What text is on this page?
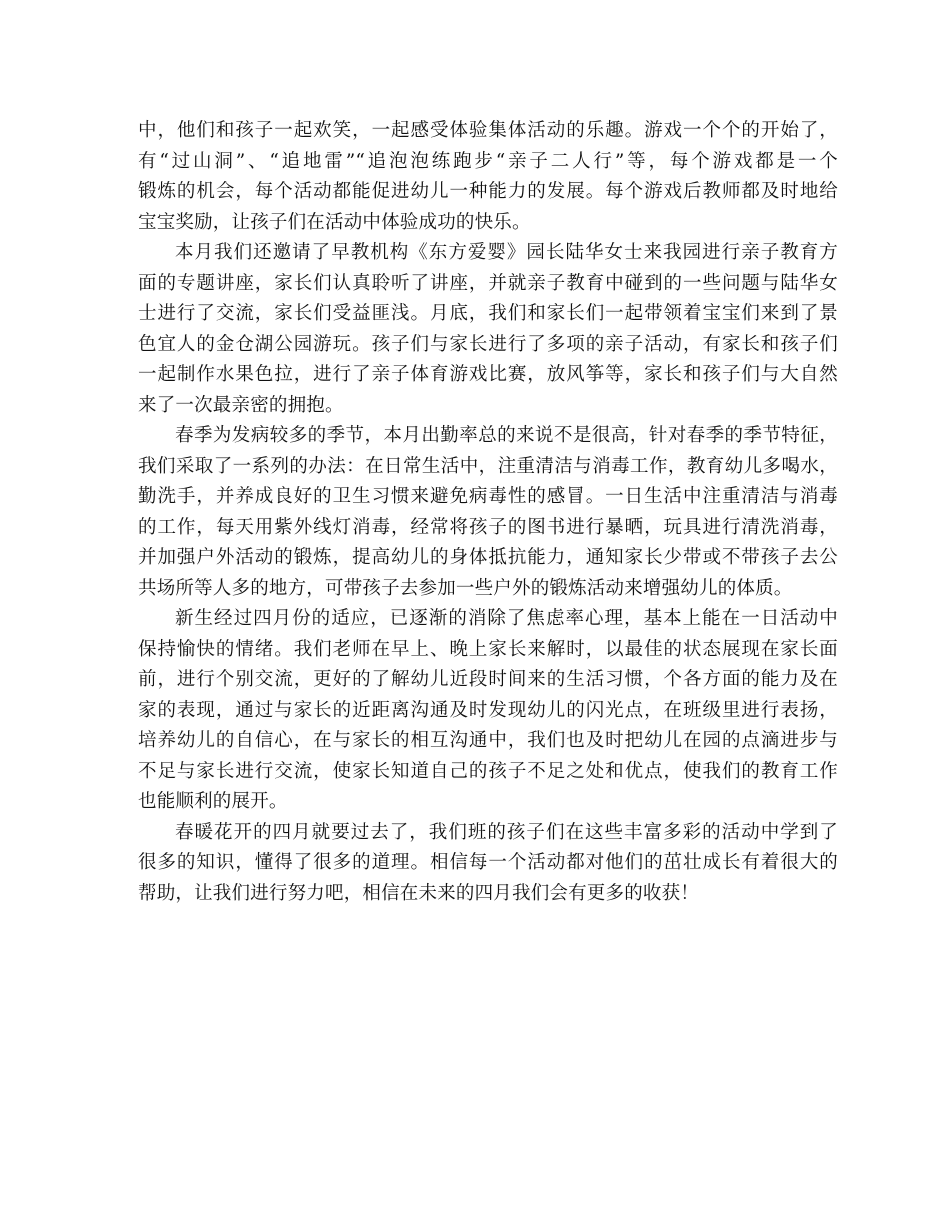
中，他们和孩子一起欢笑，一起感受体验集体活动的乐趣。游戏一个个的开始了，
有“过山洞”、“追地雷”“追泡泡练跑步“亲子二人行”等，每个游戏都是一个
锻炼的机会，每个活动都能促进幼儿一种能力的发展。每个游戏后教师都及时地给
宝宝奖励，让孩子们在活动中体验成功的快乐。
本月我们还邀请了早教机构《东方爱婴》园长陆华女士来我园进行亲子教育方
面的专题讲座，家长们认真聆听了讲座，并就亲子教育中碰到的一些问题与陆华女
士进行了交流，家长们受益匪浅。月底，我们和家长们一起带领着宝宝们来到了景
色宜人的金仓湖公园游玩。孩子们与家长进行了多项的亲子活动，有家长和孩子们
一起制作水果色拉，进行了亲子体育游戏比赛，放风筝等，家长和孩子们与大自然
来了一次最亲密的拥抱。
春季为发病较多的季节，本月出勤率总的来说不是很高，针对春季的季节特征，
我们采取了一系列的办法：在日常生活中，注重清洁与消毒工作，教育幼儿多喝水，
勤洗手，并养成良好的卫生习惯来避免病毒性的感冒。一日生活中注重清洁与消毒
的工作，每天用紫外线灯消毒，经常将孩子的图书进行暴晒，玩具进行清洗消毒，
并加强户外活动的锻炼，提高幼儿的身体抵抗能力，通知家长少带或不带孩子去公
共场所等人多的地方，可带孩子去参加一些户外的锻炼活动来增强幼儿的体质。
新生经过四月份的适应，已逐渐的消除了焦虑率心理，基本上能在一日活动中
保持愉快的情绪。我们老师在早上、晚上家长来解时，以最佳的状态展现在家长面
前，进行个别交流，更好的了解幼儿近段时间来的生活习惯，个各方面的能力及在
家的表现，通过与家长的近距离沟通及时发现幼儿的闪光点，在班级里进行表扬，
培养幼儿的自信心，在与家长的相互沟通中，我们也及时把幼儿在园的点滴进步与
不足与家长进行交流，使家长知道自己的孩子不足之处和优点，使我们的教育工作
也能顺利的展开。
春暖花开的四月就要过去了，我们班的孩子们在这些丰富多彩的活动中学到了
很多的知识，懂得了很多的道理。相信每一个活动都对他们的茁壮成长有着很大的
帮助，让我们进行努力吧，相信在未来的四月我们会有更多的收获！
